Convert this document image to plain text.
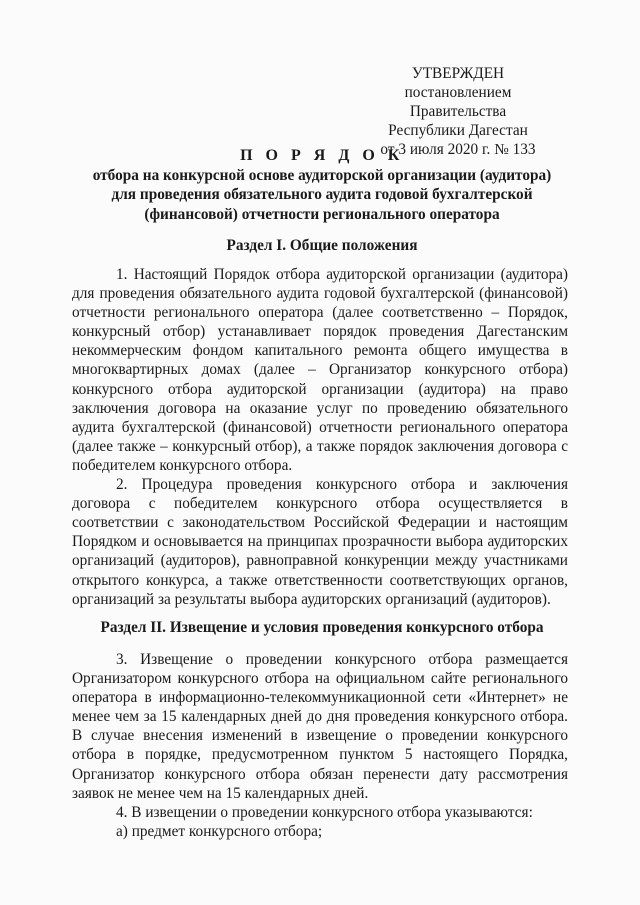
УТВЕРЖДЕН
постановлением Правительства
Республики Дагестан
от 3 июля 2020 г. № 133
П О Р Я Д О К
отбора на конкурсной основе аудиторской организации (аудитора)
для проведения обязательного аудита годовой бухгалтерской
(финансовой) отчетности регионального оператора
Раздел I. Общие положения

1. Настоящий Порядок отбора аудиторской организации (аудитора) для проведения обязательного аудита годовой бухгалтерской (финансовой) отчетности регионального оператора (далее соответственно – Порядок, конкурсный отбор) устанавливает порядок проведения Дагестанским некоммерческим фондом капитального ремонта общего имущества в многоквартирных домах (далее – Организатор конкурсного отбора) конкурсного отбора аудиторской организации (аудитора) на право заключения договора на оказание услуг по проведению обязательного аудита бухгалтерской (финансовой) отчетности регионального оператора (далее также – конкурсный отбор), а также порядок заключения договора с победителем конкурсного отбора.

2. Процедура проведения конкурсного отбора и заключения договора с победителем конкурсного отбора осуществляется в соответствии с законодательством Российской Федерации и настоящим Порядком и основывается на принципах прозрачности выбора аудиторских организаций (аудиторов), равноправной конкуренции между участниками открытого конкурса, а также ответственности соответствующих органов, организаций за результаты выбора аудиторских организаций (аудиторов).

Раздел II. Извещение и условия проведения конкурсного отбора

3. Извещение о проведении конкурсного отбора размещается Организатором конкурсного отбора на официальном сайте регионального оператора в информационно-телекоммуникационной сети «Интернет» не менее чем за 15 календарных дней до дня проведения конкурсного отбора. В случае внесения изменений в извещение о проведении конкурсного отбора в порядке, предусмотренном пунктом 5 настоящего Порядка, Организатор конкурсного отбора обязан перенести дату рассмотрения заявок не менее чем на 15 календарных дней.

4. В извещении о проведении конкурсного отбора указываются:

а) предмет конкурсного отбора;
